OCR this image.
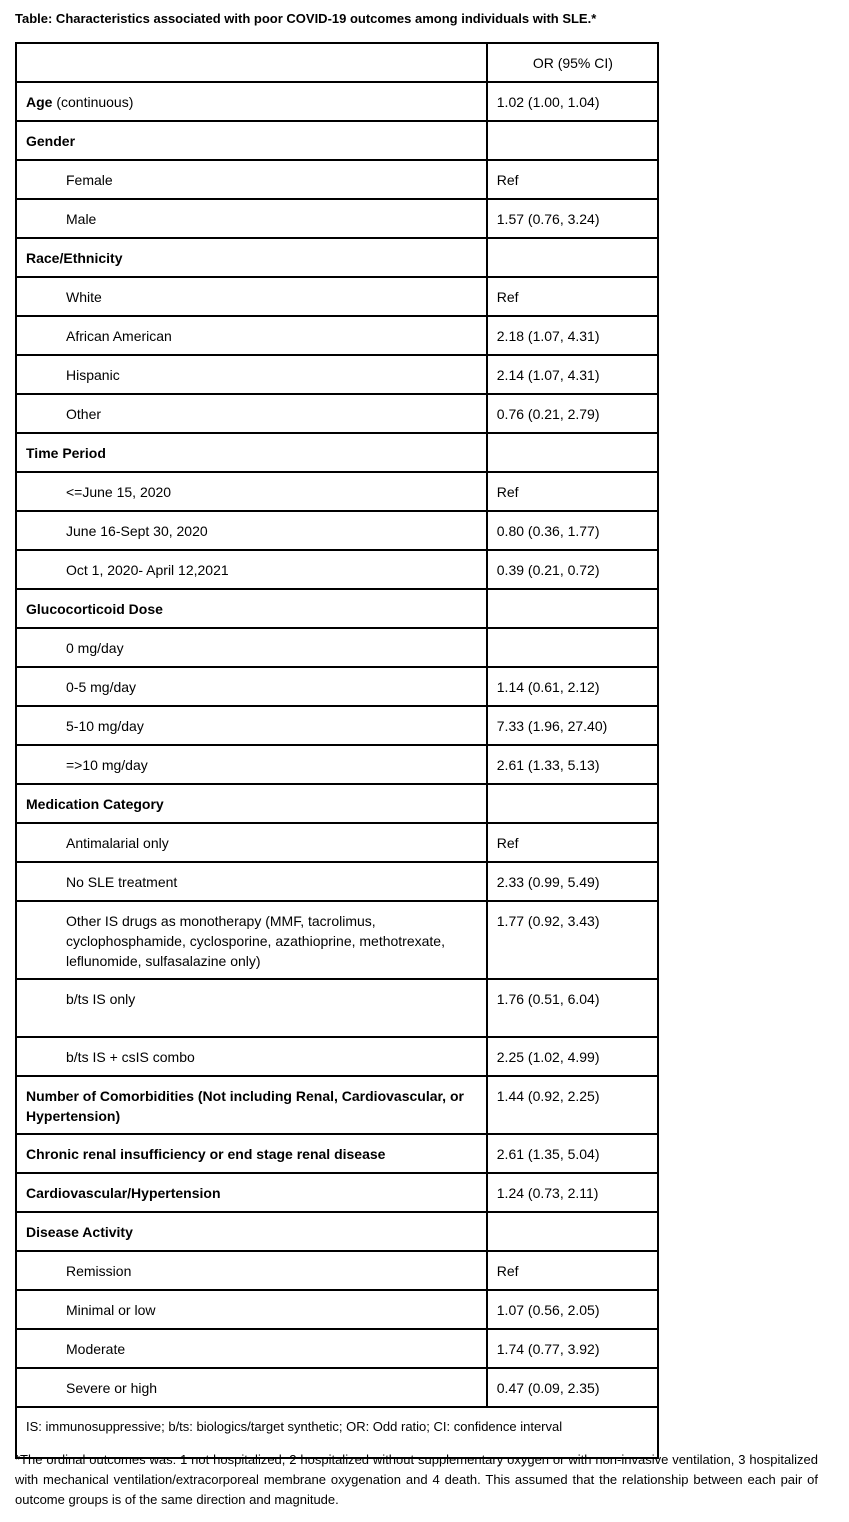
Table: Characteristics associated with poor COVID-19 outcomes among individuals with SLE.*
	OR (95% CI)
Age (continuous)	1.02 (1.00, 1.04)
Gender	
Female	Ref
Male	1.57 (0.76, 3.24)
Race/Ethnicity	
White	Ref
African American	2.18 (1.07, 4.31)
Hispanic	2.14 (1.07, 4.31)
Other	0.76 (0.21, 2.79)
Time Period	
<=June 15, 2020	Ref
June 16-Sept 30, 2020	0.80 (0.36, 1.77)
Oct 1, 2020- April 12,2021	0.39 (0.21, 0.72)
Glucocorticoid Dose	
0 mg/day	
0-5 mg/day	1.14 (0.61, 2.12)
5-10 mg/day	7.33 (1.96, 27.40)
=>10 mg/day	2.61 (1.33, 5.13)
Medication Category	
Antimalarial only	Ref
No SLE treatment	2.33 (0.99, 5.49)
Other IS drugs as monotherapy (MMF, tacrolimus, cyclophosphamide, cyclosporine, azathioprine, methotrexate, leflunomide, sulfasalazine only)	1.77 (0.92, 3.43)
b/ts IS only	1.76 (0.51, 6.04)
b/ts IS + csIS combo	2.25 (1.02, 4.99)
Number of Comorbidities (Not including Renal, Cardiovascular, or Hypertension)	1.44 (0.92, 2.25)
Chronic renal insufficiency or end stage renal disease	2.61 (1.35, 5.04)
Cardiovascular/Hypertension	1.24 (0.73, 2.11)
Disease Activity	
Remission	Ref
Minimal or low	1.07 (0.56, 2.05)
Moderate	1.74 (0.77, 3.92)
Severe or high	0.47 (0.09, 2.35)
IS: immunosuppressive; b/ts: biologics/target synthetic; OR: Odd ratio; CI: confidence interval	
*The ordinal outcomes was: 1 not hospitalized, 2 hospitalized without supplementary oxygen or with non-invasive ventilation, 3 hospitalized with mechanical ventilation/extracorporeal membrane oxygenation and 4 death. This assumed that the relationship between each pair of outcome groups is of the same direction and magnitude.
